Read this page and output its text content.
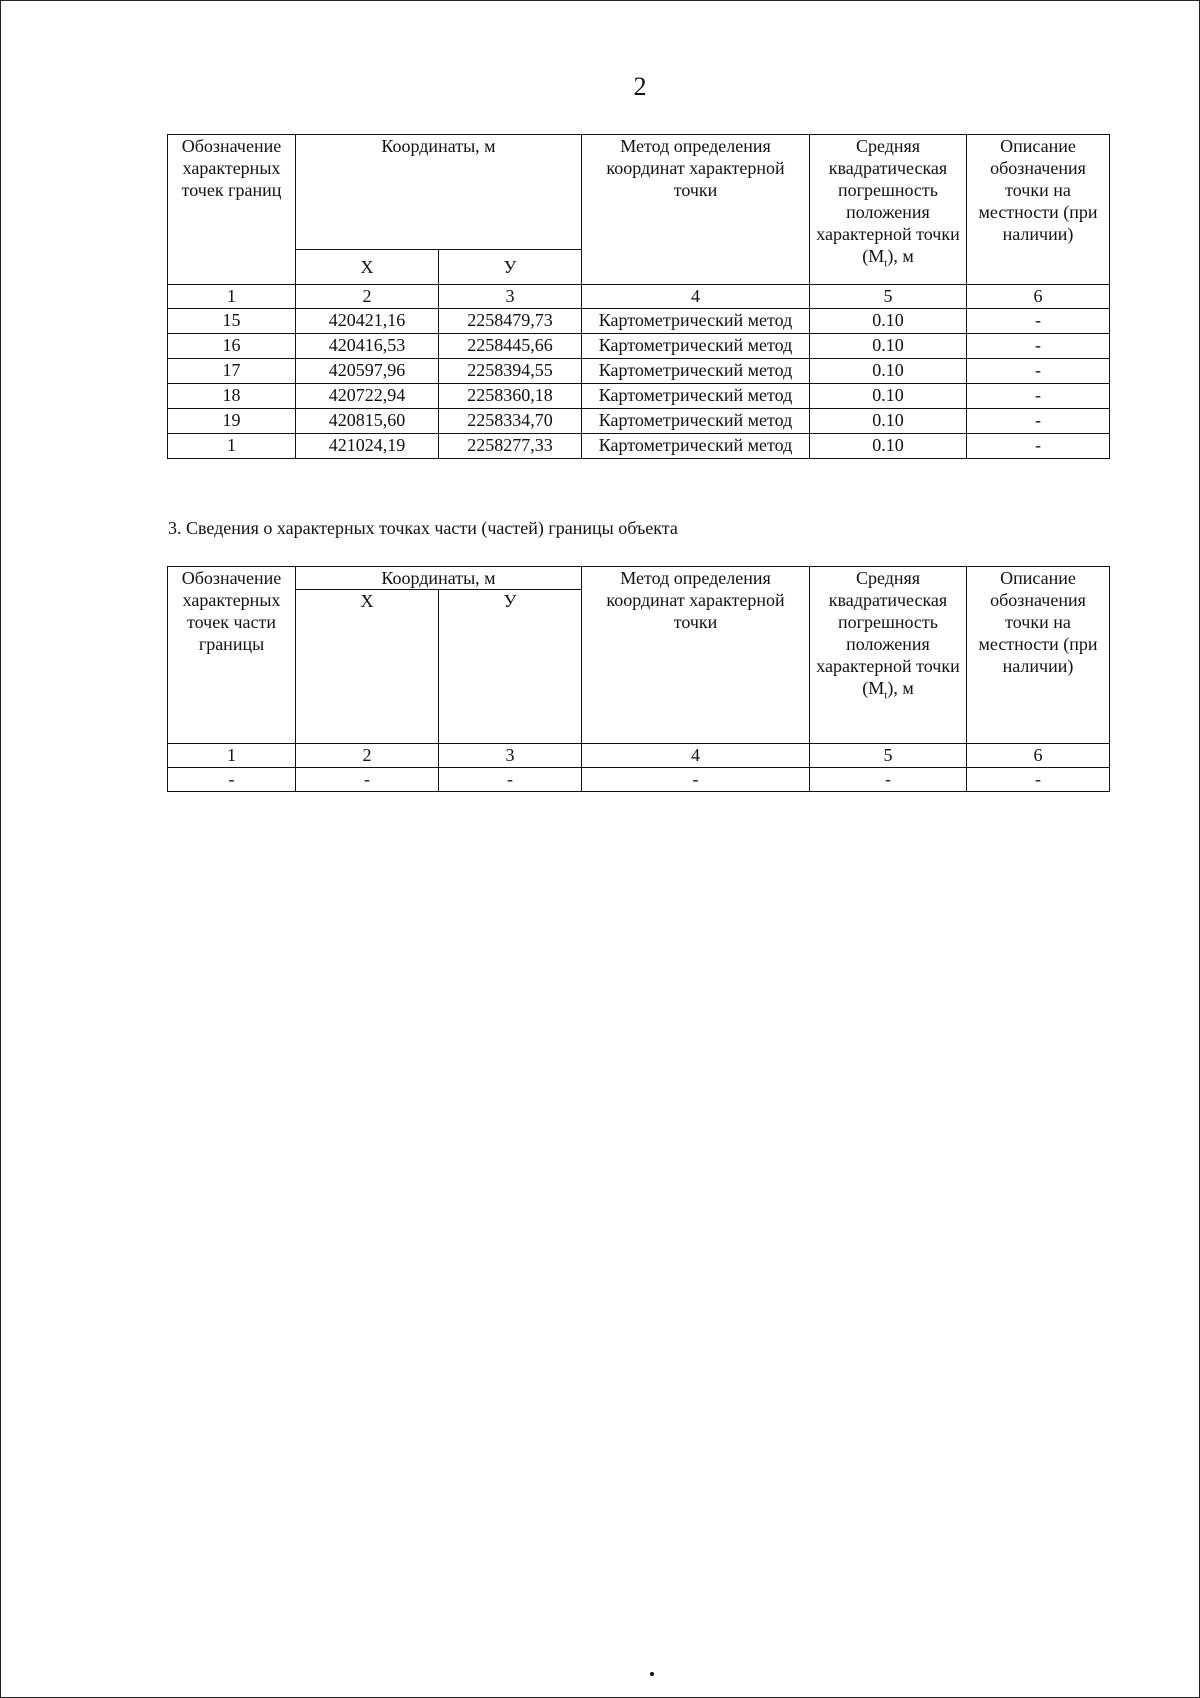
2
Обозначение характерных точек границ	Координаты, м		Метод определения координат характерной точки	Средняя квадратическая погрешность положения характерной точки $(M_t)$, м	Описание обозначения точки на местности (при наличии)
	X	У			
1	2	3	4	5	6
15	420421,16	2258479,73	Картометрический метод	0.10	-
16	420416,53	2258445,66	Картометрический метод	0.10	-
17	420597,96	2258394,55	Картометрический метод	0.10	-
18	420722,94	2258360,18	Картометрический метод	0.10	-
19	420815,60	2258334,70	Картометрический метод	0.10	-
1	421024,19	2258277,33	Картометрический метод	0.10	-
3. Сведения о характерных точках части (частей) границы объекта
Обозначение характерных точек части границы	Координаты, м		Метод определения координат характерной точки	Средняя квадратическая погрешность положения характерной точки $(M_t)$, м	Описание обозначения точки на местности (при наличии)
	X	У			
1	2	3	4	5	6
-	-	-	-	-	-
